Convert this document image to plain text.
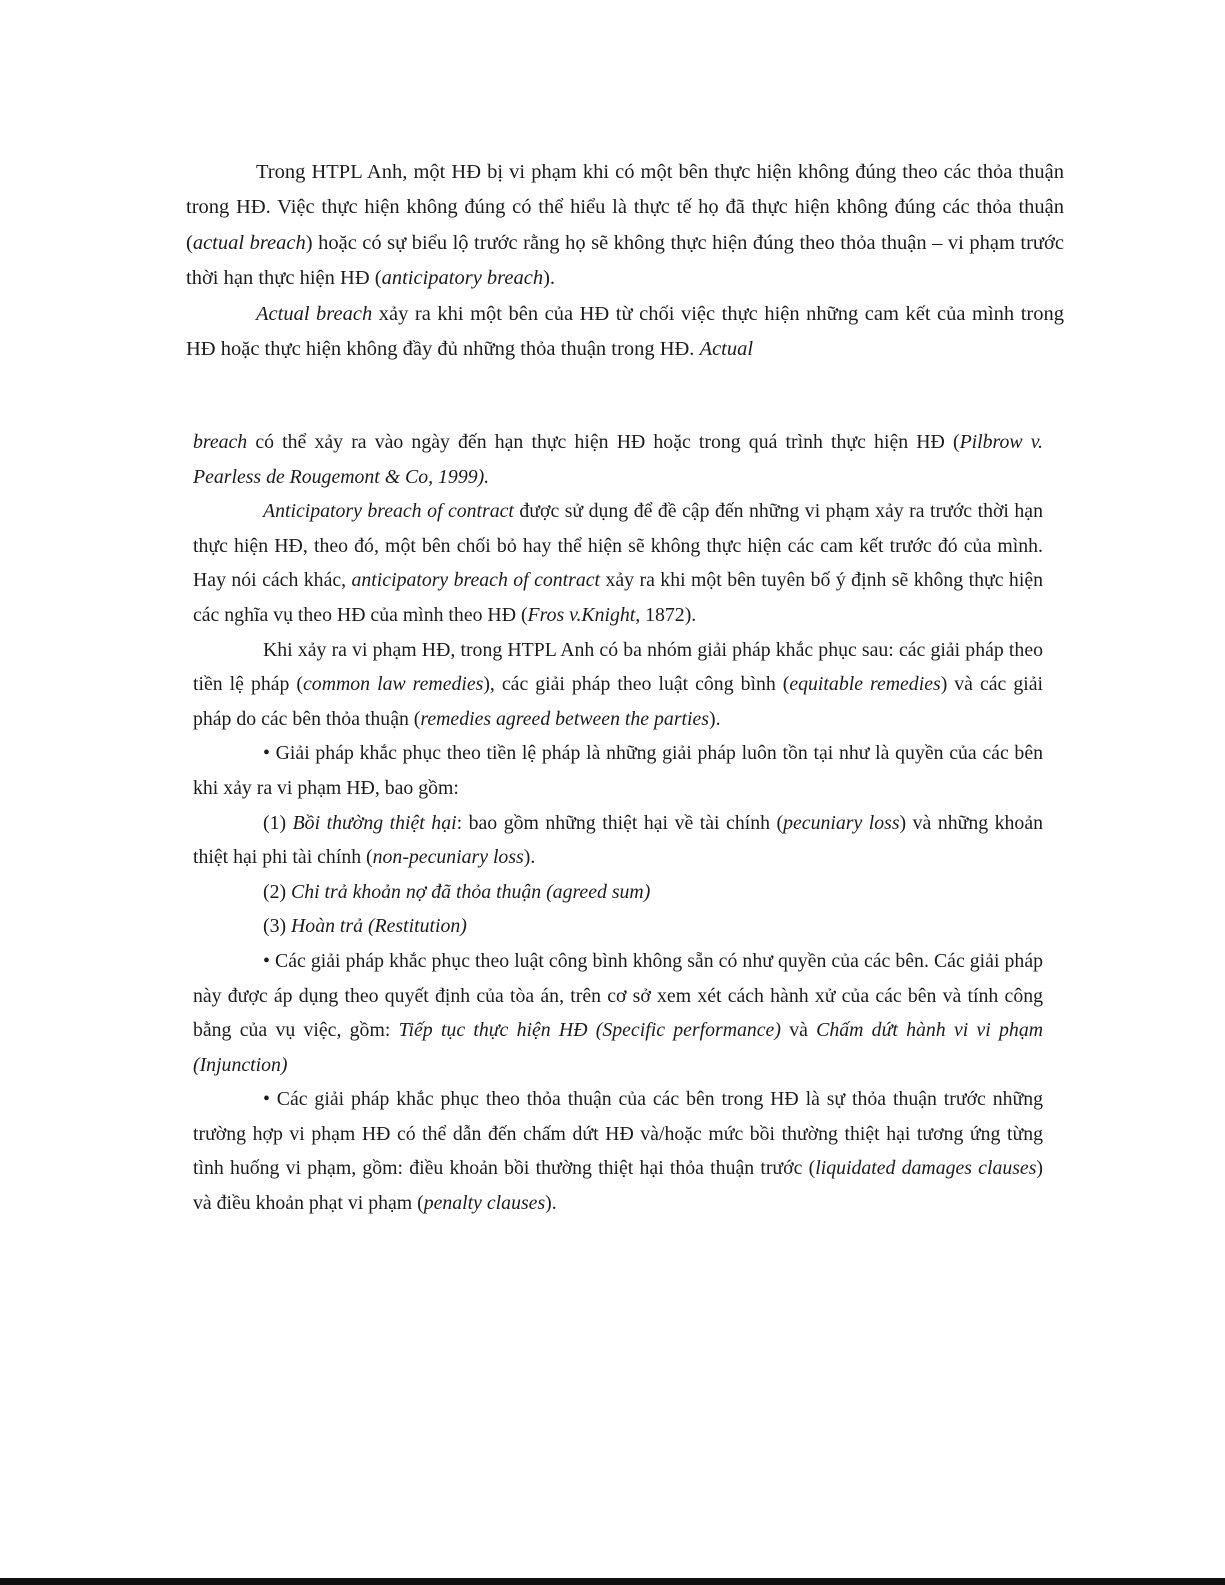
Trong HTPL Anh, một HĐ bị vi phạm khi có một bên thực hiện không đúng theo các thỏa thuận trong HĐ. Việc thực hiện không đúng có thể hiểu là thực tế họ đã thực hiện không đúng các thỏa thuận (actual breach) hoặc có sự biểu lộ trước rằng họ sẽ không thực hiện đúng theo thỏa thuận – vi phạm trước thời hạn thực hiện HĐ (anticipatory breach).

Actual breach xảy ra khi một bên của HĐ từ chối việc thực hiện những cam kết của mình trong HĐ hoặc thực hiện không đầy đủ những thỏa thuận trong HĐ. Actual

breach có thể xảy ra vào ngày đến hạn thực hiện HĐ hoặc trong quá trình thực hiện HĐ (Pilbrow v. Pearless de Rougemont & Co, 1999).

Anticipatory breach of contract được sử dụng để đề cập đến những vi phạm xảy ra trước thời hạn thực hiện HĐ, theo đó, một bên chối bỏ hay thể hiện sẽ không thực hiện các cam kết trước đó của mình. Hay nói cách khác, anticipatory breach of contract xảy ra khi một bên tuyên bố ý định sẽ không thực hiện các nghĩa vụ theo HĐ của mình theo HĐ (Fros v.Knight, 1872).

Khi xảy ra vi phạm HĐ, trong HTPL Anh có ba nhóm giải pháp khắc phục sau: các giải pháp theo tiền lệ pháp (common law remedies), các giải pháp theo luật công bình (equitable remedies) và các giải pháp do các bên thỏa thuận (remedies agreed between the parties).

• Giải pháp khắc phục theo tiền lệ pháp là những giải pháp luôn tồn tại như là quyền của các bên khi xảy ra vi phạm HĐ, bao gồm:

(1) Bồi thường thiệt hại: bao gồm những thiệt hại về tài chính (pecuniary loss) và những khoản thiệt hại phi tài chính (non-pecuniary loss).

(2) Chi trả khoản nợ đã thỏa thuận (agreed sum)

(3) Hoàn trả (Restitution)

• Các giải pháp khắc phục theo luật công bình không sẵn có như quyền của các bên. Các giải pháp này được áp dụng theo quyết định của tòa án, trên cơ sở xem xét cách hành xử của các bên và tính công bằng của vụ việc, gồm: Tiếp tục thực hiện HĐ (Specific performance) và Chấm dứt hành vi vi phạm (Injunction)

• Các giải pháp khắc phục theo thỏa thuận của các bên trong HĐ là sự thỏa thuận trước những trường hợp vi phạm HĐ có thể dẫn đến chấm dứt HĐ và/hoặc mức bồi thường thiệt hại tương ứng từng tình huống vi phạm, gồm: điều khoản bồi thường thiệt hại thỏa thuận trước (liquidated damages clauses) và điều khoản phạt vi phạm (penalty clauses).
